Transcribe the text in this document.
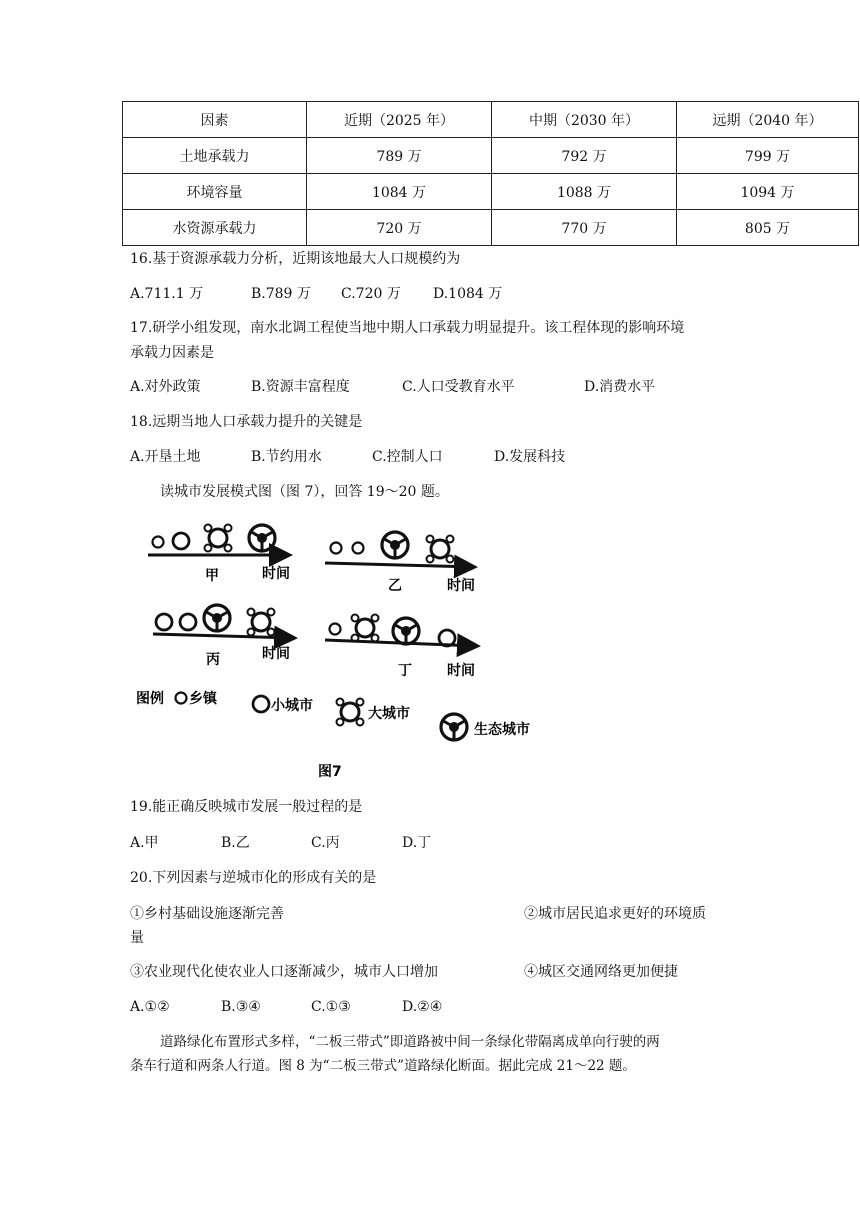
因素	近期（2025 年）	中期（2030 年）	远期（2040 年）
土地承载力	789 万	792 万	799 万
环境容量	1084 万	1088 万	1094 万
水资源承载力	720 万	770 万	805 万
16.基于资源承载力分析，近期该地最大人口规模约为
A.711.1 万	B.789 万 C.720 万 D.1084 万
17.研学小组发现，南水北调工程使当地中期人口承载力明显提升。该工程体现的影响环境
承载力因素是
A.对外政策	B.资源丰富程度	C.人口受教育水平	D.消费水平
18.远期当地人口承载力提升的关键是
A.开垦土地	B.节约用水	C.控制人口	D.发展科技
读城市发展模式图（图 7），回答 19～20 题。
甲	时间
乙	时间
丙	时间
丁	时间
图例 乡镇	小城市	大城市
生态城市
图7
19.能正确反映城市发展一般过程的是
A.甲	B.乙	C.丙	D.丁
20.下列因素与逆城市化的形成有关的是
①乡村基础设施逐渐完善	②城市居民追求更好的环境质
量
③农业现代化使农业人口逐渐减少，城市人口增加	④城区交通网络更加便捷
A.①②	B.③④	C.①③	D.②④
道路绿化布置形式多样，“二板三带式”即道路被中间一条绿化带隔离成单向行驶的两
条车行道和两条人行道。图 8 为“二板三带式”道路绿化断面。据此完成 21～22 题。
